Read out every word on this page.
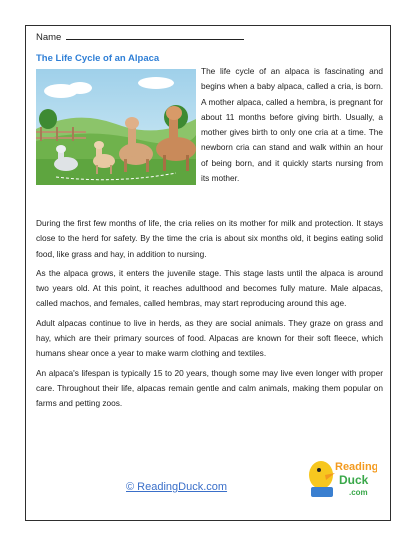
Name
The Life Cycle of an Alpaca

The life cycle of an alpaca is fascinating and begins when a baby alpaca, called a cria, is born. A mother alpaca, called a hembra, is pregnant for about 11 months before giving birth. Usually, a mother gives birth to only one cria at a time. The newborn cria can stand and walk within an hour of being born, and it quickly starts nursing from its mother.

During the first few months of life, the cria relies on its mother for milk and protection. It stays close to the herd for safety. By the time the cria is about six months old, it begins eating solid food, like grass and hay, in addition to nursing.

As the alpaca grows, it enters the juvenile stage. This stage lasts until the alpaca is around two years old. At this point, it reaches adulthood and becomes fully mature. Male alpacas, called machos, and females, called hembras, may start reproducing around this age.

Adult alpacas continue to live in herds, as they are social animals. They graze on grass and hay, which are their primary sources of food. Alpacas are known for their soft fleece, which humans shear once a year to make warm clothing and textiles.

An alpaca's lifespan is typically 15 to 20 years, though some may live even longer with proper care. Throughout their life, alpacas remain gentle and calm animals, making them popular on farms and petting zoos.

© ReadingDuck.com
Reading
Duck
.com
